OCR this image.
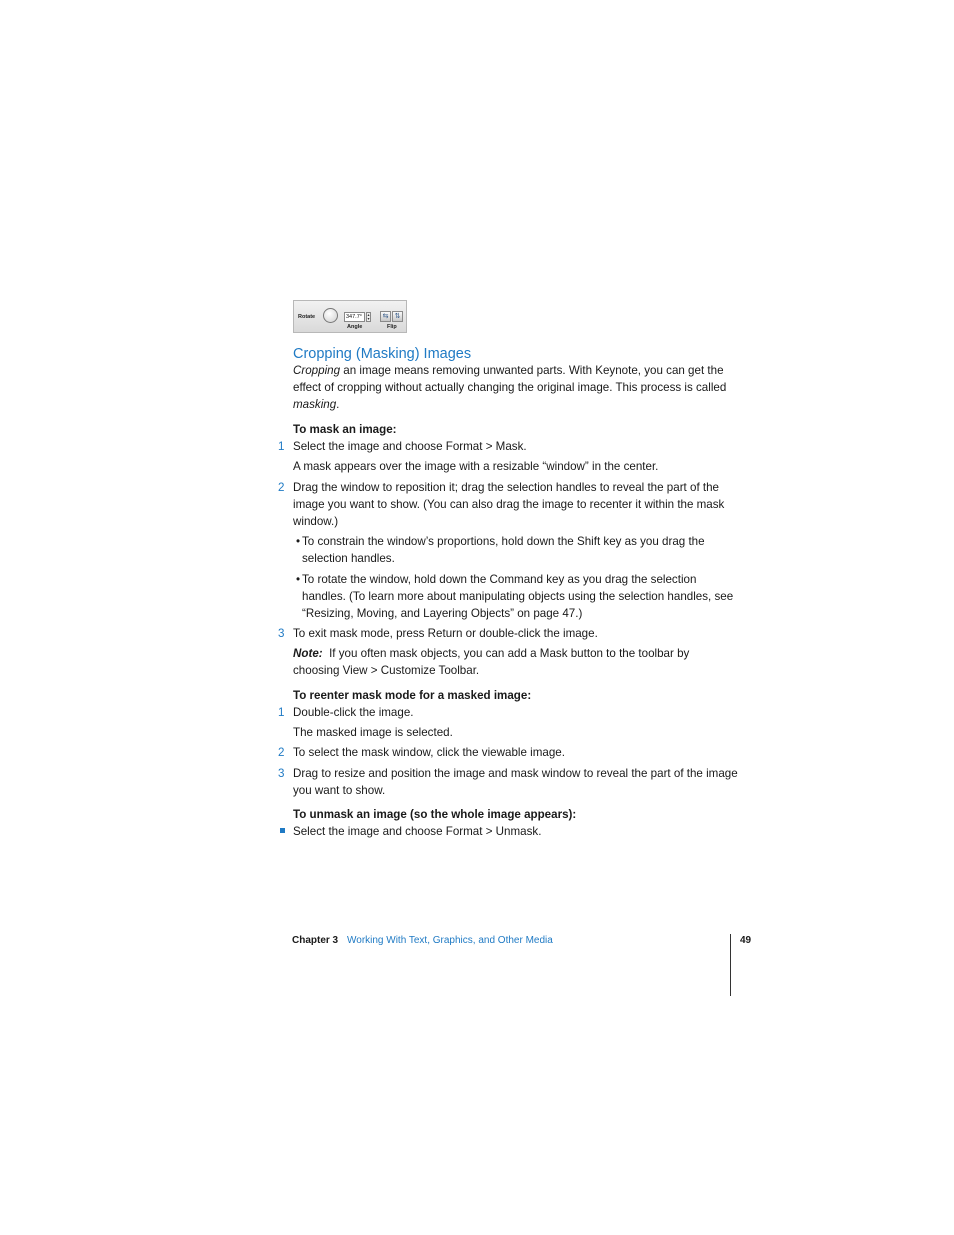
Rotate	347.7°	▴
▾
Angle
⇆ ⇅
Flip
Cropping (Masking) Images

Cropping an image means removing unwanted parts. With Keynote, you can get the effect of cropping without actually changing the original image. This process is called masking.

To mask an image:
1 Select the image and choose Format > Mask.

A mask appears over the image with a resizable “window” in the center.

2 Drag the window to reposition it; drag the selection handles to reveal the part of the image you want to show. (You can also drag the image to recenter it within the mask window.)

• To constrain the window’s proportions, hold down the Shift key as you drag the selection handles.

• To rotate the window, hold down the Command key as you drag the selection handles. (To learn more about manipulating objects using the selection handles, see “Resizing, Moving, and Layering Objects” on page 47.)

3 To exit mask mode, press Return or double-click the image.

Note:  If you often mask objects, you can add a Mask button to the toolbar by choosing View > Customize Toolbar.

To reenter mask mode for a masked image:
1 Double-click the image.

The masked image is selected.

2 To select the mask window, click the viewable image.

3 Drag to resize and position the image and mask window to reveal the part of the image you want to show.

To unmask an image (so the whole image appears):

Select the image and choose Format > Unmask.

Chapter 3 Working With Text, Graphics, and Other Media	49
